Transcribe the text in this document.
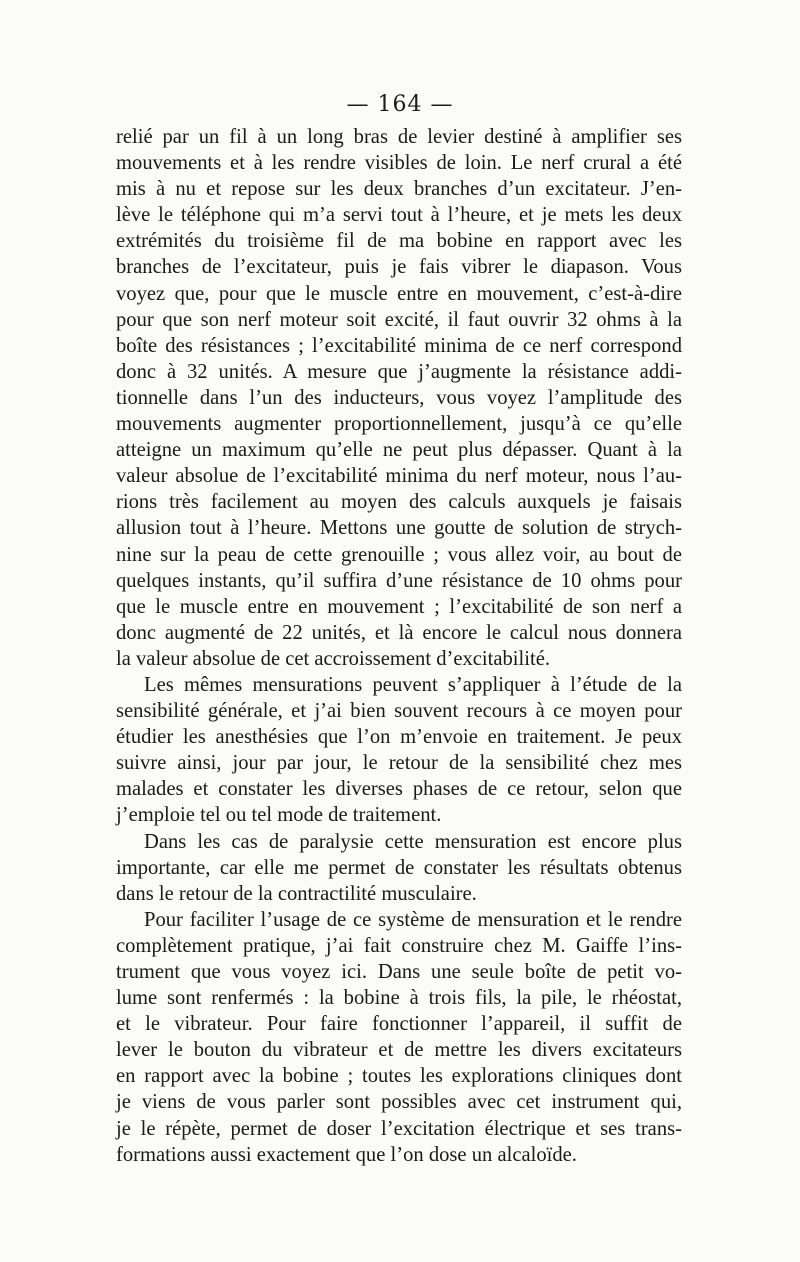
— 164 —

relié par un fil à un long bras de levier destiné à amplifier ses
mouvements et à les rendre visibles de loin. Le nerf crural a été
mis à nu et repose sur les deux branches d’un excitateur. J’en-
lève le téléphone qui m’a servi tout à l’heure, et je mets les deux
extrémités du troisième fil de ma bobine en rapport avec les
branches de l’excitateur, puis je fais vibrer le diapason. Vous
voyez que, pour que le muscle entre en mouvement, c’est-à-dire
pour que son nerf moteur soit excité, il faut ouvrir 32 ohms à la
boîte des résistances ; l’excitabilité minima de ce nerf correspond
donc à 32 unités. A mesure que j’augmente la résistance addi-
tionnelle dans l’un des inducteurs, vous voyez l’amplitude des
mouvements augmenter proportionnellement, jusqu’à ce qu’elle
atteigne un maximum qu’elle ne peut plus dépasser. Quant à la
valeur absolue de l’excitabilité minima du nerf moteur, nous l’au-
rions très facilement au moyen des calculs auxquels je faisais
allusion tout à l’heure. Mettons une goutte de solution de strych-
nine sur la peau de cette grenouille ; vous allez voir, au bout de
quelques instants, qu’il suffira d’une résistance de 10 ohms pour
que le muscle entre en mouvement ; l’excitabilité de son nerf a
donc augmenté de 22 unités, et là encore le calcul nous donnera
la valeur absolue de cet accroissement d’excitabilité.

Les mêmes mensurations peuvent s’appliquer à l’étude de la
sensibilité générale, et j’ai bien souvent recours à ce moyen pour
étudier les anesthésies que l’on m’envoie en traitement. Je peux
suivre ainsi, jour par jour, le retour de la sensibilité chez mes
malades et constater les diverses phases de ce retour, selon que
j’emploie tel ou tel mode de traitement.

Dans les cas de paralysie cette mensuration est encore plus
importante, car elle me permet de constater les résultats obtenus
dans le retour de la contractilité musculaire.

Pour faciliter l’usage de ce système de mensuration et le rendre
complètement pratique, j’ai fait construire chez M. Gaiffe l’ins-
trument que vous voyez ici. Dans une seule boîte de petit vo-
lume sont renfermés : la bobine à trois fils, la pile, le rhéostat,
et le vibrateur. Pour faire fonctionner l’appareil, il suffit de
lever le bouton du vibrateur et de mettre les divers excitateurs
en rapport avec la bobine ; toutes les explorations cliniques dont
je viens de vous parler sont possibles avec cet instrument qui,
je le répète, permet de doser l’excitation électrique et ses trans-
formations aussi exactement que l’on dose un alcaloïde.
